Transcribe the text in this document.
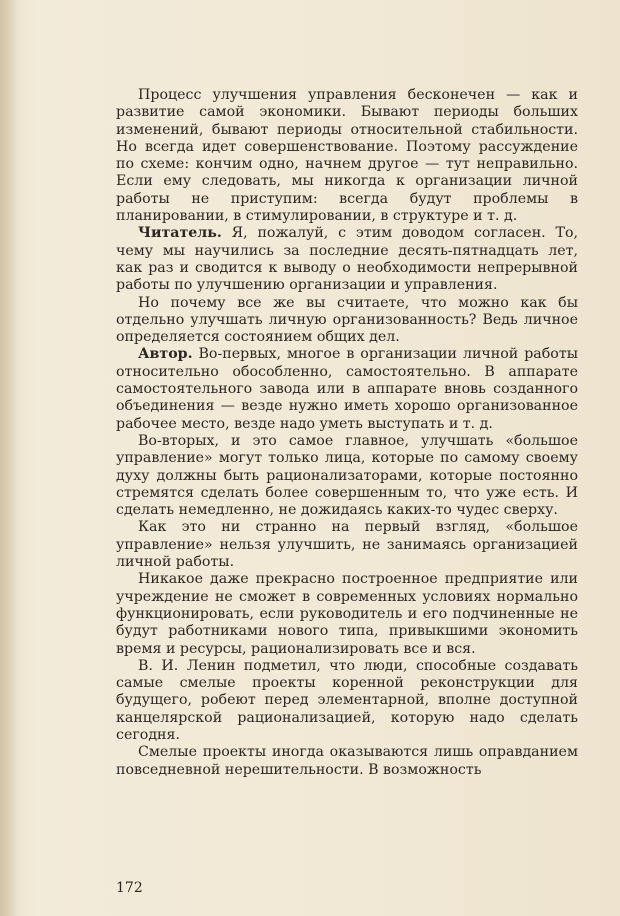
Процесс улучшения управления бесконечен — как и развитие самой экономики. Бывают периоды больших изменений, бывают периоды относительной стабильности. Но всегда идет совершенствование. Поэтому рассуждение по схеме: кончим одно, начнем другое — тут неправильно. Если ему следовать, мы никогда к организации личной работы не приступим: всегда будут проблемы в планировании, в стимулировании, в структуре и т. д.

Читатель. Я, пожалуй, с этим доводом согласен. То, чему мы научились за последние десять-пятнадцать лет, как раз и сводится к выводу о необходимости непрерывной работы по улучшению организации и управления.

Но почему все же вы считаете, что можно как бы отдельно улучшать личную организованность? Ведь личное определяется состоянием общих дел.

Автор. Во-первых, многое в организации личной работы относительно обособленно, самостоятельно. В аппарате самостоятельного завода или в аппарате вновь созданного объединения — везде нужно иметь хорошо организованное рабочее место, везде надо уметь выступать и т. д.

Во-вторых, и это самое главное, улучшать «большое управление» могут только лица, которые по самому своему духу должны быть рационализаторами, которые постоянно стремятся сделать более совершенным то, что уже есть. И сделать немедленно, не дожидаясь каких-то чудес сверху.

Как это ни странно на первый взгляд, «большое управление» нельзя улучшить, не занимаясь организацией личной работы.

Никакое даже прекрасно построенное предприятие или учреждение не сможет в современных условиях нормально функционировать, если руководитель и его подчиненные не будут работниками нового типа, привыкшими экономить время и ресурсы, рационализировать все и вся.

В. И. Ленин подметил, что люди, способные создавать самые смелые проекты коренной реконструкции для будущего, робеют перед элементарной, вполне доступной канцелярской рационализацией, которую надо сделать сегодня.

Смелые проекты иногда оказываются лишь оправданием повседневной нерешительности. В возможность

172
